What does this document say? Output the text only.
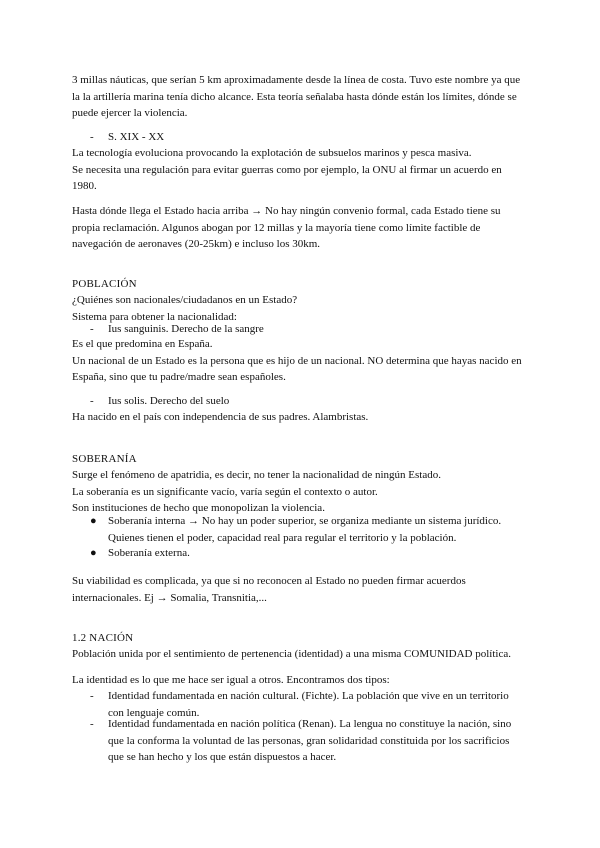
3 millas náuticas, que serían 5 km aproximadamente desde la línea de costa. Tuvo este nombre ya que
la la artillería marina tenía dicho alcance. Esta teoría señalaba hasta dónde están los límites, dónde se
puede ejercer la violencia.

- S. XIX - XX

La tecnología evoluciona provocando la explotación de subsuelos marinos y pesca masiva.
Se necesita una regulación para evitar guerras como por ejemplo, la ONU al firmar un acuerdo en
1980.

Hasta dónde llega el Estado hacia arriba → No hay ningún convenio formal, cada Estado tiene su
propia reclamación. Algunos abogan por 12 millas y la mayoría tiene como límite factible de
navegación de aeronaves (20-25km) e incluso los 30km.

POBLACIÓN

¿Quiénes son nacionales/ciudadanos en un Estado?
Sistema para obtener la nacionalidad:

- Ius sanguinis. Derecho de la sangre

Es el que predomina en España.
Un nacional de un Estado es la persona que es hijo de un nacional. NO determina que hayas nacido en
España, sino que tu padre/madre sean españoles.

- Ius solis. Derecho del suelo

Ha nacido en el país con independencia de sus padres. Alambristas.

SOBERANÍA

Surge el fenómeno de apatridia, es decir, no tener la nacionalidad de ningún Estado.
La soberanía es un significante vacío, varía según el contexto o autor.
Son instituciones de hecho que monopolizan la violencia.

● Soberanía interna → No hay un poder superior, se organiza mediante un sistema jurídico.
Quienes tienen el poder, capacidad real para regular el territorio y la población.
● Soberanía externa.

Su viabilidad es complicada, ya que si no reconocen al Estado no pueden firmar acuerdos
internacionales. Ej → Somalia, Transnitia,...

1.2 NACIÓN

Población unida por el sentimiento de pertenencia (identidad) a una misma COMUNIDAD política.

La identidad es lo que me hace ser igual a otros. Encontramos dos tipos:

- Identidad fundamentada en nación cultural. (Fichte). La población que vive en un territorio
con lenguaje común.
- Identidad fundamentada en nación política (Renan). La lengua no constituye la nación, sino
que la conforma la voluntad de las personas, gran solidaridad constituida por los sacrificios
que se han hecho y los que están dispuestos a hacer.
